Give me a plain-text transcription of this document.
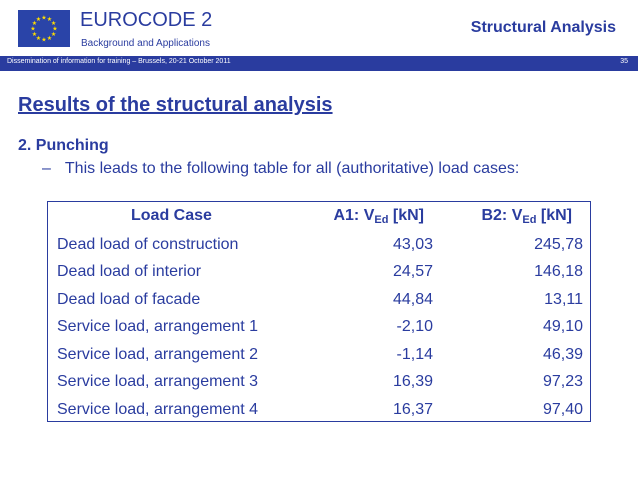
★ ★
★
★
★
★
★
★
★
★
★
★ EUROCODE 2
Background and Applications
Structural Analysis
Dissemination of information for training – Brussels, 20-21 October 2011	35
Results of the structural analysis
2. Punching
– This leads to the following table for all (authoritative) load cases:
Load Case	A1: $V_{Ed}$ [kN]	B2: $V_{Ed}$ [kN]
Dead load of construction	43,03	245,78
Dead load of interior	24,57	146,18
Dead load of facade	44,84	13,11
Service load, arrangement 1	-2,10	49,10
Service load, arrangement 2	-1,14	46,39
Service load, arrangement 3	16,39	97,23
Service load, arrangement 4	16,37	97,40
